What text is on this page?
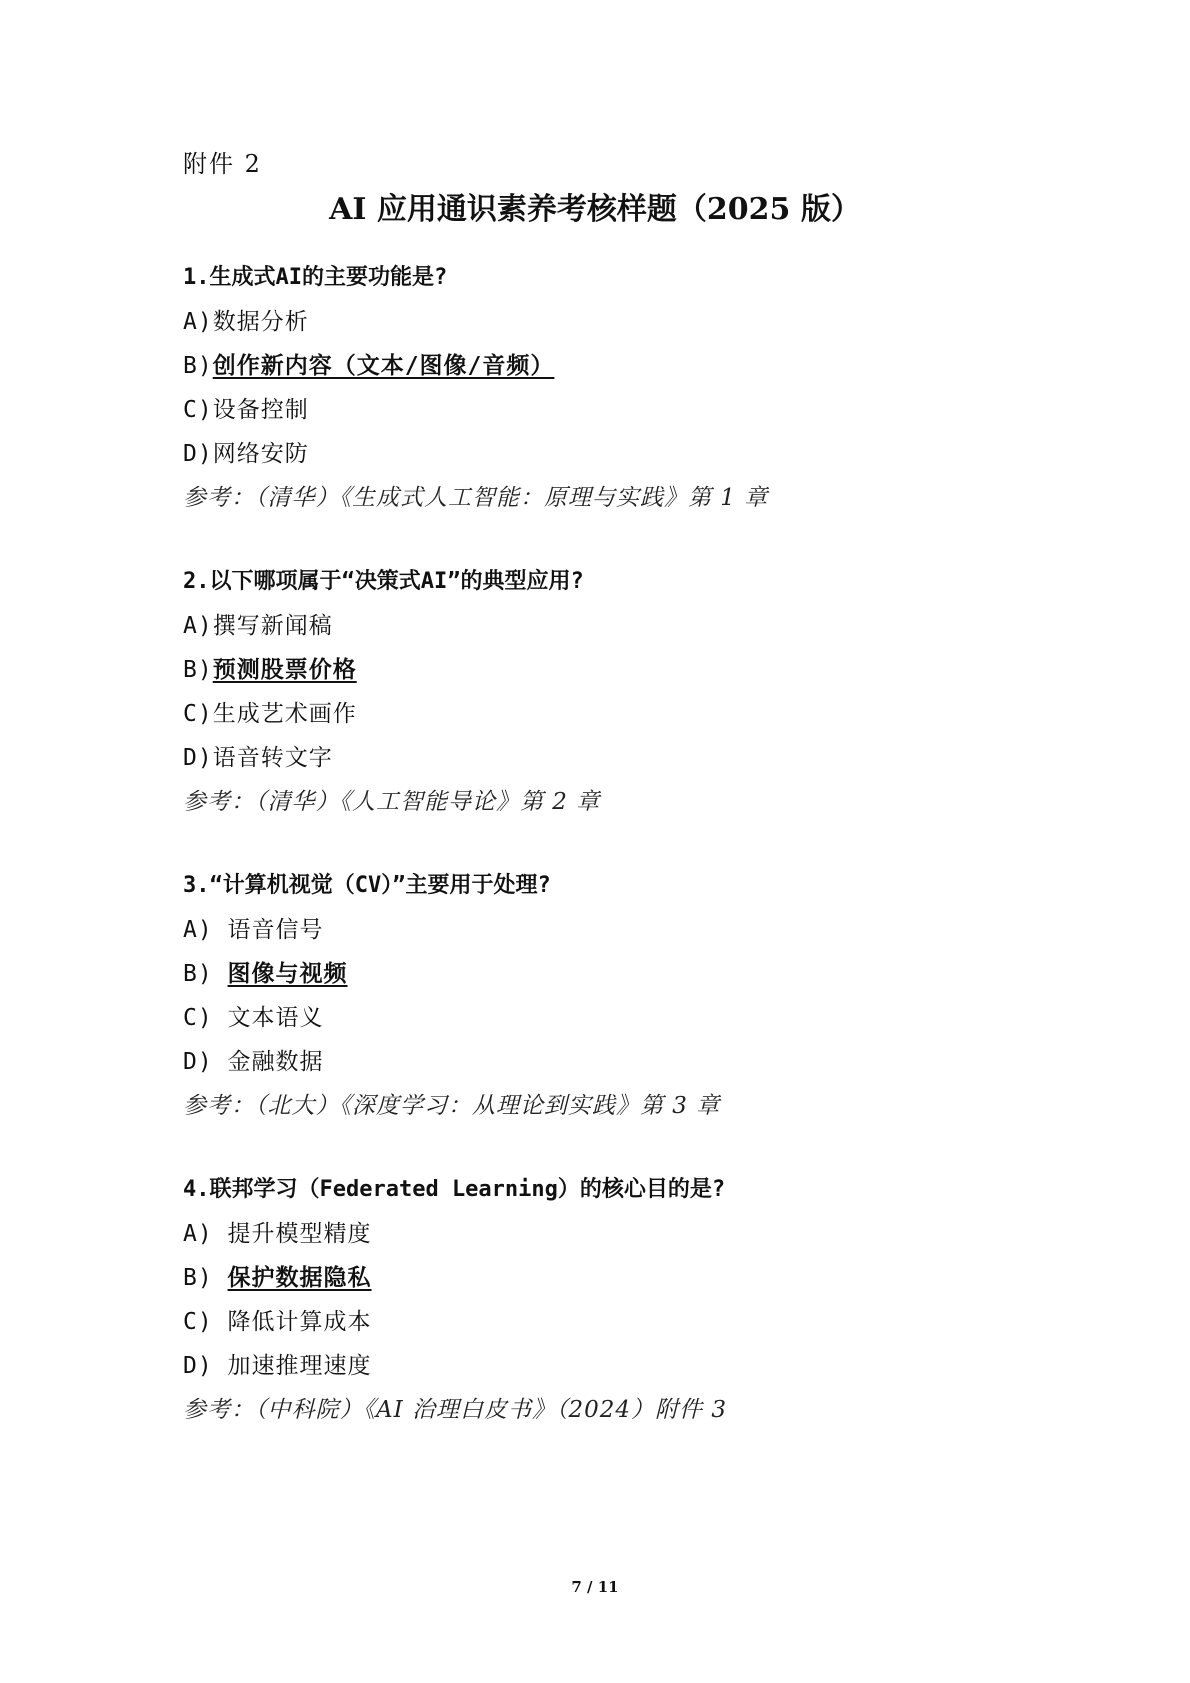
附件 2
AI 应用通识素养考核样题（2025 版）
1.生成式AI的主要功能是?
A)数据分析
B)创作新内容（文本/图像/音频）
C)设备控制
D)网络安防
参考：（清华）《生成式人工智能：原理与实践》第 1 章
2.以下哪项属于“决策式AI”的典型应用?
A)撰写新闻稿
B)预测股票价格
C)生成艺术画作
D)语音转文字
参考：（清华）《人工智能导论》第 2 章
3.“计算机视觉（CV）”主要用于处理?
A) 语音信号
B) 图像与视频
C) 文本语义
D) 金融数据
参考：（北大）《深度学习：从理论到实践》第 3 章
4.联邦学习（Federated Learning）的核心目的是?
A) 提升模型精度
B) 保护数据隐私
C) 降低计算成本
D) 加速推理速度
参考：（中科院）《AI 治理白皮书》（2024）附件 3
7 / 11
